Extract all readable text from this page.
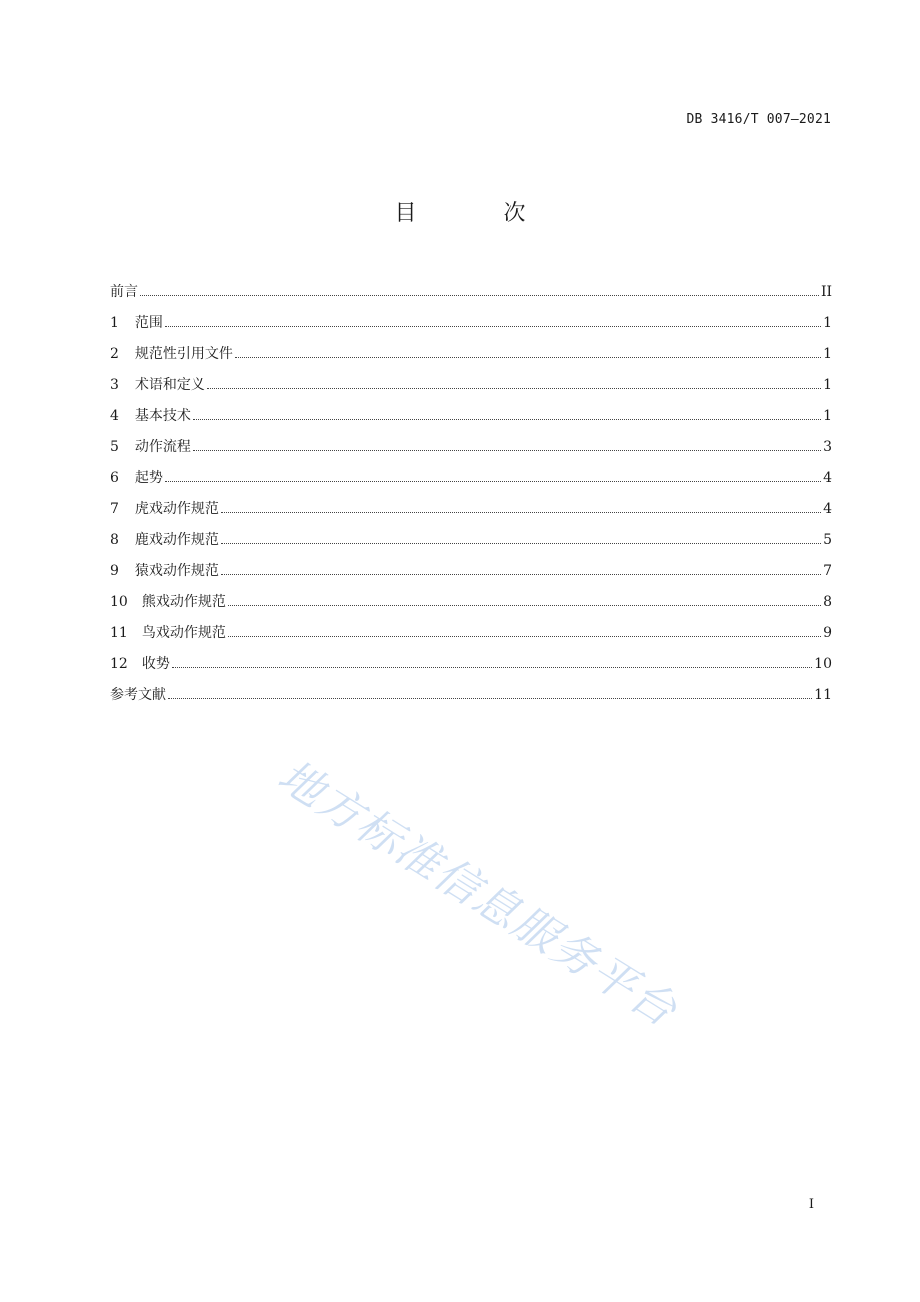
DB 3416/T 007—2021
目 次
前言	II
1 范围	1
2 规范性引用文件	1
3 术语和定义	1
4 基本技术	1
5 动作流程	3
6 起势	4
7 虎戏动作规范	4
8 鹿戏动作规范	5
9 猿戏动作规范	7
10 熊戏动作规范	8
11 鸟戏动作规范	9
12 收势	10
参考文献	11
地方标准信息服务平台
I
